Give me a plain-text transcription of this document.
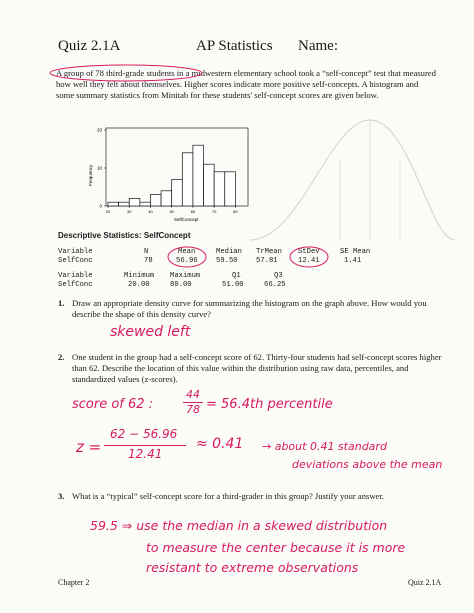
Quiz 2.1A	AP Statistics Name:
A group of 78 third-grade students in a midwestern elementary school took a “self-concept” test that measured how well they felt about themselves. Higher scores indicate more positive self-concepts. A histogram and some summary statistics from Minitab for these students' self-concept scores are given below.
Frequency
SelfConcept
0
10
20
20	30	40	50	60	70	80
Descriptive Statistics: SelfConcept
Variable	N	Mean	Median TrMean StDev	SE Mean
SelfConc	78	56.96	59.50	57.81	12.41	1.41
Variable	Minimum Maximum	Q1	Q3
SelfConc	20.00	80.00	51.00	66.25
1. Draw an appropriate density curve for summarizing the histogram on the graph above. How would you describe the shape of this density curve?
skewed left
2. One student in the group had a self-concept score of 62. Thirty-four students had self-concept scores higher than 62. Describe the location of this value within the distribution using raw data, percentiles, and standardized values (z-scores).
score of 62 :
44
78 = 56.4th percentile
z =
62 − 56.96
12.41
≈ 0.41 → about 0.41 standard
deviations above the mean
3. What is a “typical” self-concept score for a third-grader in this group? Justify your answer.
59.5 ⇒ use the median in a skewed distribution
to measure the center because it is more
resistant to extreme observations
Chapter 2	Quiz 2.1A
